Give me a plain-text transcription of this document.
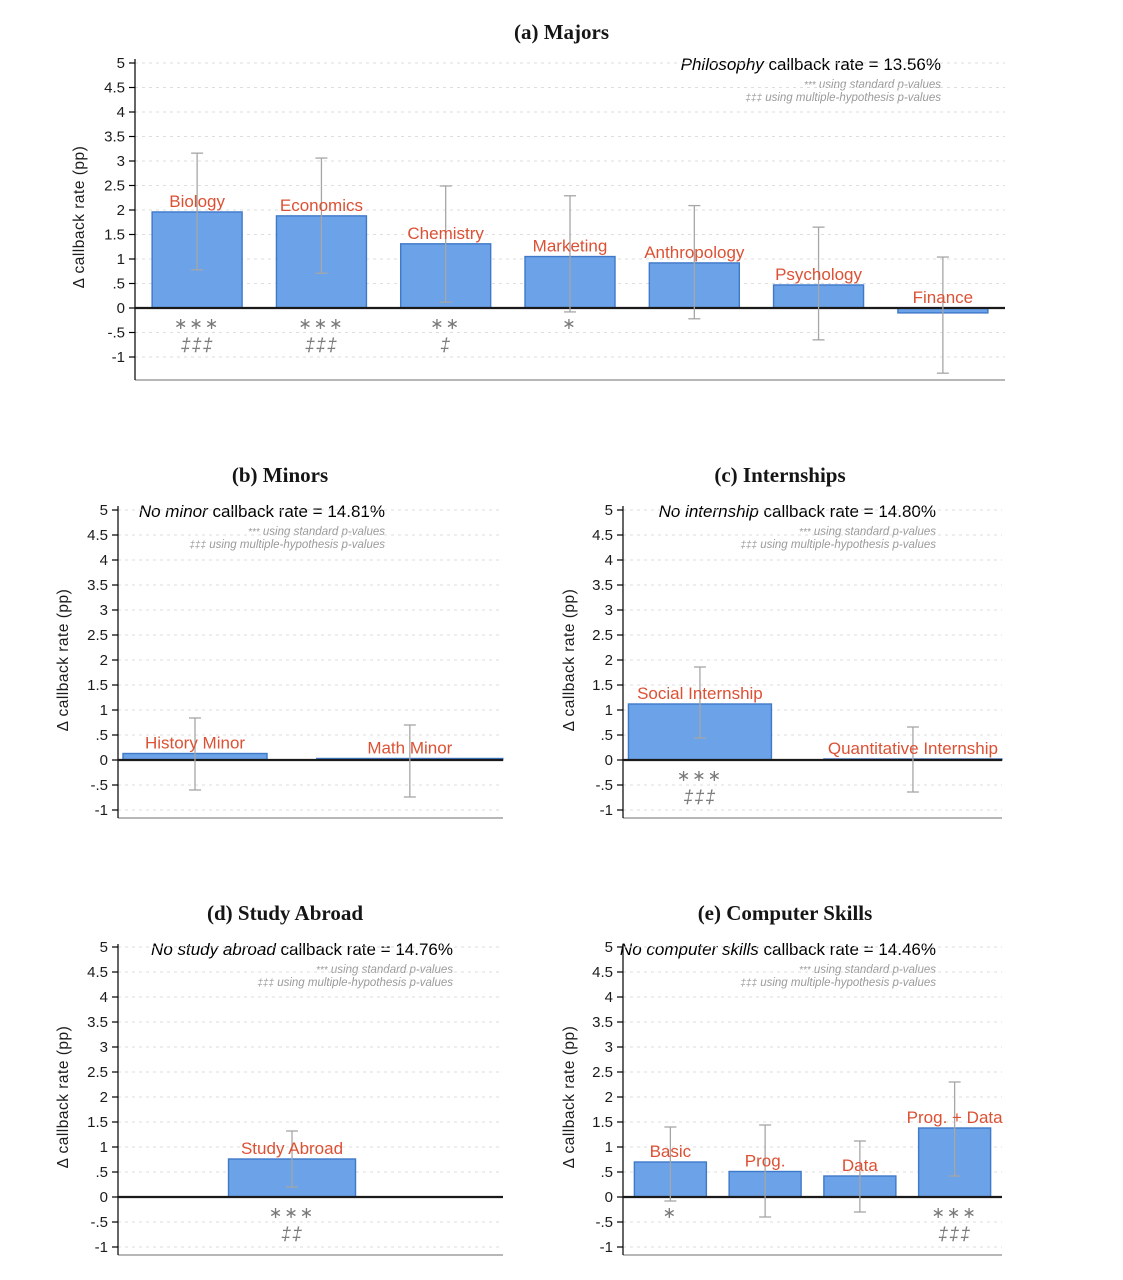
(a) Majors
Philosophy callback rate = 13.56%
*** using standard p-values
‡‡‡ using multiple-hypothesis p-values
Δ callback rate (pp)
5
4.5
4
3.5
3
2.5
2
1.5
1
.5
0
-.5
-1
Biology
∗∗∗
‡‡‡
Economics
∗∗∗
‡‡‡
Chemistry
∗∗
‡
Marketing
∗
Anthropology
Psychology
Finance
(b) Minors
No minor callback rate = 14.81%
*** using standard p-values
‡‡‡ using multiple-hypothesis p-values
Δ callback rate (pp)
5
4.5
4
3.5
3
2.5
2
1.5
1
.5
0
-.5
-1
History Minor	Math Minor
(c) Internships
No internship callback rate = 14.80%
*** using standard p-values
‡‡‡ using multiple-hypothesis p-values
Δ callback rate (pp)
5
4.5
4
3.5
3
2.5
2
1.5
1
.5
0
-.5
-1
Social Internship
∗∗∗
‡‡‡
Quantitative Internship
(d) Study Abroad
No study abroad callback rate = 14.76%
*** using standard p-values
‡‡‡ using multiple-hypothesis p-values
Δ callback rate (pp)
5
4.5
4
3.5
3
2.5
2
1.5
1
.5
0
-.5
-1
Study Abroad
∗∗∗
‡‡
(e) Computer Skills
No computer skills callback rate = 14.46%
*** using standard p-values
‡‡‡ using multiple-hypothesis p-values
Δ callback rate (pp)
5
4.5
4
3.5
3
2.5
2
1.5
1
.5
0
-.5
-1
Basic
∗
Prog.	Data
Prog. + Data
∗∗∗
‡‡‡
